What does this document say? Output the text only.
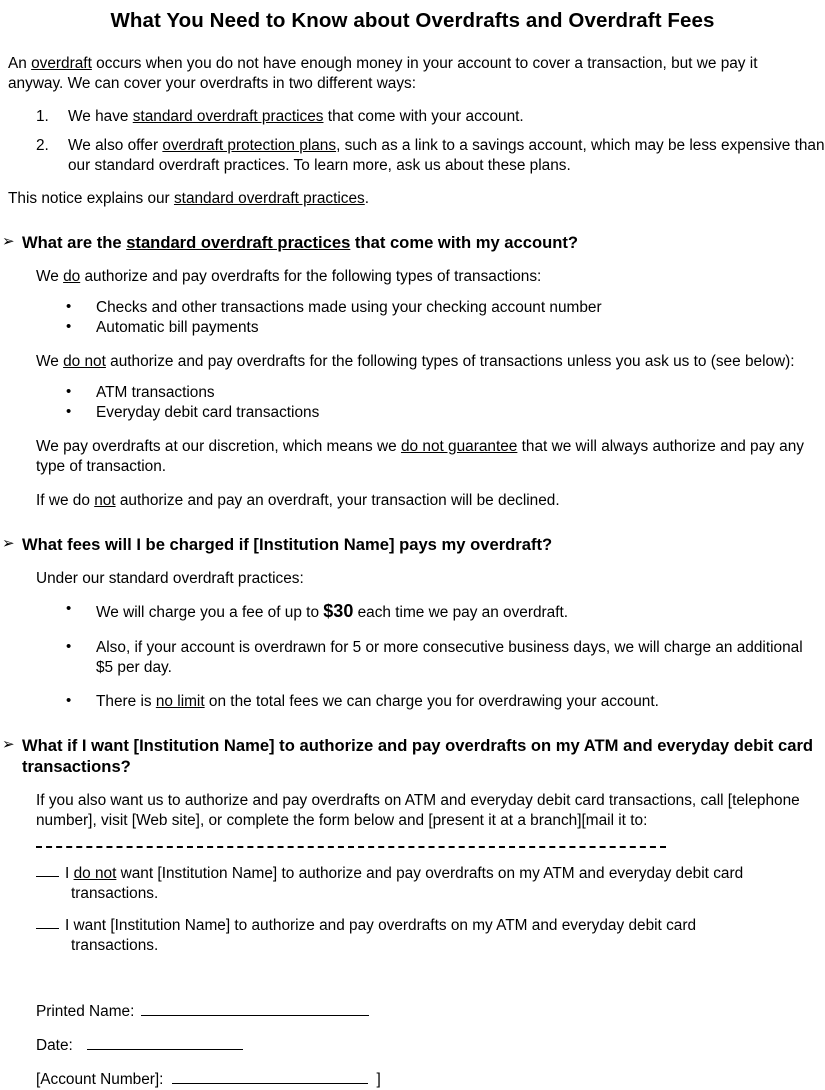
What You Need to Know about Overdrafts and Overdraft Fees

An overdraft occurs when you do not have enough money in your account to cover a transaction, but we pay it anyway. We can cover your overdrafts in two different ways:

1.	We have standard overdraft practices that come with your account.
2.	We also offer overdraft protection plans, such as a link to a savings account, which may be less expensive than our standard overdraft practices. To learn more, ask us about these plans.

This notice explains our standard overdraft practices.

➢ What are the standard overdraft practices that come with my account?

We do authorize and pay overdrafts for the following types of transactions:

• Checks and other transactions made using your checking account number
• Automatic bill payments

We do not authorize and pay overdrafts for the following types of transactions unless you ask us to (see below):

• ATM transactions
• Everyday debit card transactions

We pay overdrafts at our discretion, which means we do not guarantee that we will always authorize and pay any type of transaction.

If we do not authorize and pay an overdraft, your transaction will be declined.

➢ What fees will I be charged if [Institution Name] pays my overdraft?

Under our standard overdraft practices:

• We will charge you a fee of up to $30 each time we pay an overdraft.
• Also, if your account is overdrawn for 5 or more consecutive business days, we will charge an additional $5 per day.
• There is no limit on the total fees we can charge you for overdrawing your account.
➢ What if I want [Institution Name] to authorize and pay overdrafts on my ATM and everyday debit card transactions?

If you also want us to authorize and pay overdrafts on ATM and everyday debit card transactions, call [telephone number], visit [Web site], or complete the form below and [present it at a branch][mail it to:

I do not want [Institution Name] to authorize and pay overdrafts on my ATM and everyday debit card
transactions.
I want [Institution Name] to authorize and pay overdrafts on my ATM and everyday debit card
transactions.
Printed Name:
Date:
[Account Number]:	]
